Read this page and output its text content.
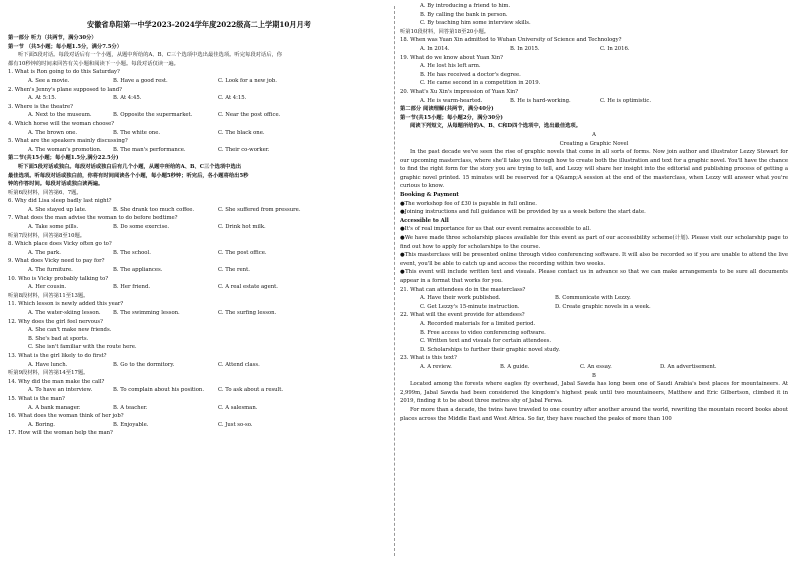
安徽省阜阳第一中学2023-2024学年度2022级高二上学期10月月考
第一部分 听力（共两节，满分30分）
第一节 （共5小题；每小题1.5分，满分7.5分）
听下面5段对话。每段对话后有一个小题，从题中所给的A、B、C三个选项中选出最佳选项。听完每段对话后，你
都有10秒钟的时间来回答有关小题和阅读下一小题。每段对话仅读一遍。
1. What is Ron going to do this Saturday?
A. See a movie.	B. Have a good rest.	C. Look for a new job.
2. When's Jenny's plane supposed to land?
A. At 5:15.	B. At 4:45.	C. At 4:15.
3. Where is the theatre?
A. Next to the museum.	B. Opposite the supermarket.	C. Near the post office.
4. Which horse will the woman choose?
A. The brown one.	B. The white one.	C. The black one.
5. What are the speakers mainly discussing?
A. The woman's promotion.	B. The man's performance.	C. Their co-worker.
第二节(共15小题；每小题1.5分,满分22.5分)
听下面5段对话或独白。每段对话或独白后有几个小题，从题中所给的A、B、C三个选项中选出
最佳选项。听每段对话或独白前，你将有时间阅读各个小题，每小题5秒钟；听完后，各小题将给出5秒
钟的作答时间。每段对话或独白读两遍。
听第6段材料，回答第6、7题。
6. Why did Lisa sleep badly last night?
A. She stayed up late.	B. She drank too much coffee.	C. She suffered from pressure.
7. What does the man advise the woman to do before bedtime?
A. Take some pills.	B. Do some exercise.	C. Drink hot milk.
听第7段材料，回答第8至10题。
8. Which place does Vicky often go to?
A. The park.	B. The school.	C. The post office.
9. What does Vicky need to pay for?
A. The furniture.	B. The appliances.	C. The rent.
10. Who is Vicky probably talking to?
A. Her cousin.	B. Her friend.	C. A real estate agent.
听第8段材料，回答第11至13题。
11. Which lesson is newly added this year?
A. The water-skiing lesson.	B. The swimming lesson.	C. The surfing lesson.
12. Why does the girl feel nervous?
A. She can't make new friends.
B. She's bad at sports.
C. She isn't familiar with the route here.
13. What is the girl likely to do first?
A. Have lunch.	B. Go to the dormitory.	C. Attend class.
听第9段材料，回答第14至17题。
14. Why did the man make the call?
A. To have an interview.	B. To complain about his position.	C. To ask about a result.
15. What is the man?
A. A bank manager.	B. A teacher.	C. A salesman.
16. What does the woman think of her job?
A. Boring.	B. Enjoyable.	C. Just so-so.
17. How will the woman help the man?
A. By introducing a friend to him.
B. By calling the bank in person.
C. By teaching him some interview skills.
听第10段材料，回答第18至20小题。
18. When was Yuan Xin admitted to Wuhan University of Science and Technology?
A. In 2014.	B. In 2015.	C. In 2016.
19. What do we know about Yuan Xin?
A. He lost his left arm.
B. He has received a doctor's degree.
C. He came second in a competition in 2019.
20. What's Xu Xin's impression of Yuan Xin?
A. He is warm-hearted.	B. He is hard-working.	C. He is optimistic.
第二部分 阅读理解(共两节，满分40分)
第一节(共15小题；每小题2分，满分30分)
阅读下列短文，从每题所给的A、B、C和D四个选项中，选出最佳选项。
A
Creating a Graphic Novel
In the past decade we've seen the rise of graphic novels that come in all sorts of forms. Now join author and illustrator Lezzy Stewart for our upcoming masterclass, where she'll take you through how to create both the illustration and text for a graphic novel. You'll have the chance to find the right form for the story you are trying to tell, and Lezzy will share her insight into the editorial and publishing process of getting a graphic novel printed. 15 minutes will be reserved for a Q&amp;A session at the end of the masterclass, when Lezzy will answer what you're curious to know.
Booking & Payment
●The workshop fee of £30 is payable in full online.
●Joining instructions and full guidance will be provided by us a week before the start date.
Accessible to All
●It's of real importance for us that our event remains accessible to all.
●We have made three scholarship places available for this event as part of our accessibility scheme(计划). Please visit our scholarship page to find out how to apply for scholarships to the course.
●This masterclass will be presented online through video conferencing software. It will also be recorded so if you are unable to attend the live event, you'll be able to catch up and access the recording within two weeks.
●This event will include written text and visuals. Please contact us in advance so that we can make arrangements to be sure all documents appear in a format that works for you.
21. What can attendees do in the masterclass?
A. Have their work published.	B. Communicate with Lezzy.
C. Get Lezzy's 15-minute instruction.	D. Create graphic novels in a week.
22. What will the event provide for attendees?
A. Recorded materials for a limited period.
B. Free access to video conferencing software.
C. Written text and visuals for certain attendees.
D. Scholarships to further their graphic novel study.
23. What is this text?
A. A review.	B. A guide.	C. An essay.	D. An advertisement.
B
Located among the forests where eagles fly overhead, Jabal Sawda has long been one of Saudi Arabia's best places for mountaineers. At 2,999m, Jabal Sawda had been considered the kingdom's highest peak until two mountaineers, Matthew and Eric Gilbertson, climbed it in 2019, finding it to be about three metres shy of Jabal Ferwa.
For more than a decade, the twins have traveled to one country after another around the world, rewriting the mountain record books about places across the Middle East and West Africa. So far, they have reached the peaks of more than 100
